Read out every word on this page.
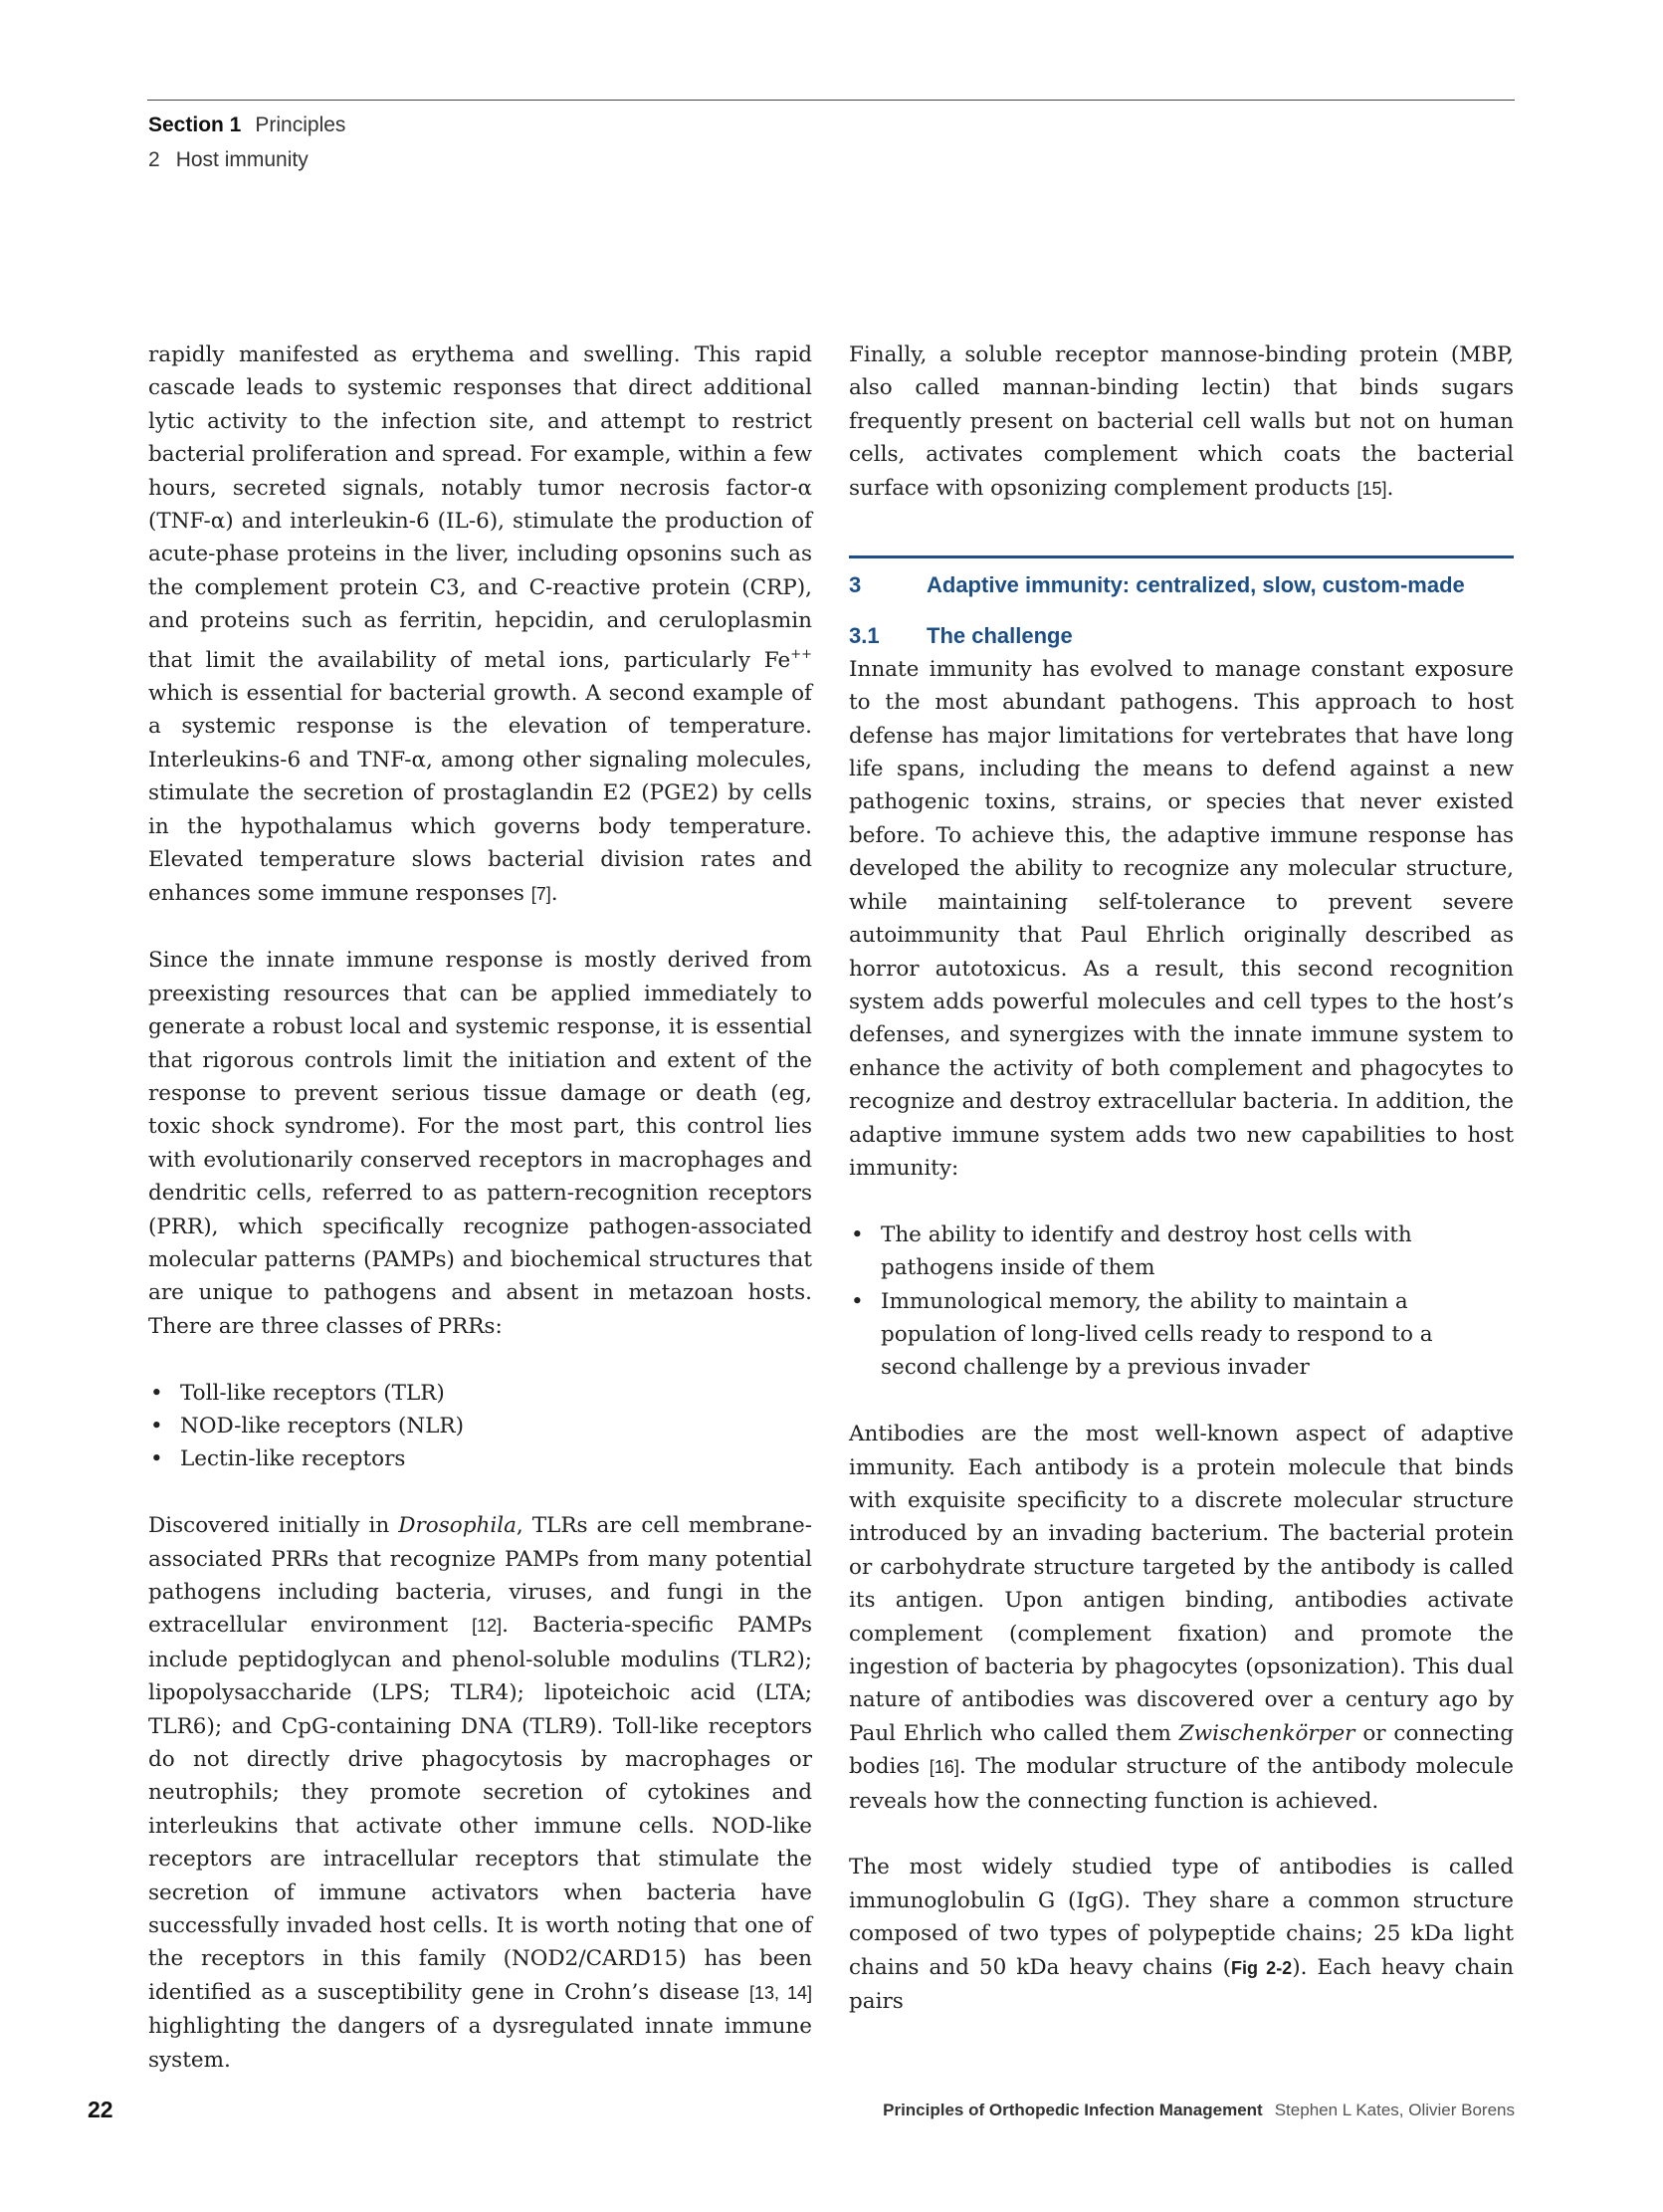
Section 1 Principles
2 Host immunity

rapidly manifested as erythema and swelling. This rapid cascade leads to systemic responses that direct additional lytic activity to the infection site, and attempt to restrict bacterial proliferation and spread. For example, within a few hours, secreted signals, notably tumor necrosis factor-α (TNF-α) and interleukin-6 (IL-6), stimulate the production of acute-phase proteins in the liver, including opsonins such as the complement protein C3, and C-reactive protein (CRP), and proteins such as ferritin, hepcidin, and ceruloplasmin that limit the availability of metal ions, particularly Fe++ which is essential for bacterial growth. A second example of a systemic response is the elevation of temperature. Interleukins-6 and TNF-α, among other signaling molecules, stimulate the secretion of prostaglandin E2 (PGE2) by cells in the hypothalamus which governs body temperature. Elevated temperature slows bacterial division rates and enhances some immune responses [7].

Since the innate immune response is mostly derived from preexisting resources that can be applied immediately to generate a robust local and systemic response, it is essential that rigorous controls limit the initiation and extent of the response to prevent serious tissue damage or death (eg, toxic shock syndrome). For the most part, this control lies with evolutionarily conserved receptors in macrophages and dendritic cells, referred to as pattern-recognition receptors (PRR), which specifically recognize pathogen-associated molecular patterns (PAMPs) and biochemical structures that are unique to pathogens and absent in metazoan hosts. There are three classes of PRRs:

• Toll-like receptors (TLR)
• NOD-like receptors (NLR)
• Lectin-like receptors

Discovered initially in Drosophila, TLRs are cell membrane-associated PRRs that recognize PAMPs from many potential pathogens including bacteria, viruses, and fungi in the extracellular environment [12]. Bacteria-specific PAMPs include peptidoglycan and phenol-soluble modulins (TLR2); lipopolysaccharide (LPS; TLR4); lipoteichoic acid (LTA; TLR6); and CpG-containing DNA (TLR9). Toll-like receptors do not directly drive phagocytosis by macrophages or neutrophils; they promote secretion of cytokines and interleukins that activate other immune cells. NOD-like receptors are intracellular receptors that stimulate the secretion of immune activators when bacteria have successfully invaded host cells. It is worth noting that one of the receptors in this family (NOD2/CARD15) has been identified as a susceptibility gene in Crohn’s disease [13, 14] highlighting the dangers of a dysregulated innate immune system.

Finally, a soluble receptor mannose-binding protein (MBP, also called mannan-binding lectin) that binds sugars frequently present on bacterial cell walls but not on human cells, activates complement which coats the bacterial surface with opsonizing complement products [15].

3	Adaptive immunity: centralized, slow, custom-made
3.1	The challenge

Innate immunity has evolved to manage constant exposure to the most abundant pathogens. This approach to host defense has major limitations for vertebrates that have long life spans, including the means to defend against a new pathogenic toxins, strains, or species that never existed before. To achieve this, the adaptive immune response has developed the ability to recognize any molecular structure, while maintaining self-tolerance to prevent severe autoimmunity that Paul Ehrlich originally described as horror autotoxicus. As a result, this second recognition system adds powerful molecules and cell types to the host’s defenses, and synergizes with the innate immune system to enhance the activity of both complement and phagocytes to recognize and destroy extracellular bacteria. In addition, the adaptive immune system adds two new capabilities to host immunity:

• The ability to identify and destroy host cells with pathogens inside of them
• Immunological memory, the ability to maintain a population of long-lived cells ready to respond to a second challenge by a previous invader

Antibodies are the most well-known aspect of adaptive immunity. Each antibody is a protein molecule that binds with exquisite specificity to a discrete molecular structure introduced by an invading bacterium. The bacterial protein or carbohydrate structure targeted by the antibody is called its antigen. Upon antigen binding, antibodies activate complement (complement fixation) and promote the ingestion of bacteria by phagocytes (opsonization). This dual nature of antibodies was discovered over a century ago by Paul Ehrlich who called them Zwischenkörper or connecting bodies [16]. The modular structure of the antibody molecule reveals how the connecting function is achieved.

The most widely studied type of antibodies is called immunoglobulin G (IgG). They share a common structure composed of two types of polypeptide chains; 25 kDa light chains and 50 kDa heavy chains (Fig 2-2). Each heavy chain pairs

22	Principles of Orthopedic Infection Management Stephen L Kates, Olivier Borens
